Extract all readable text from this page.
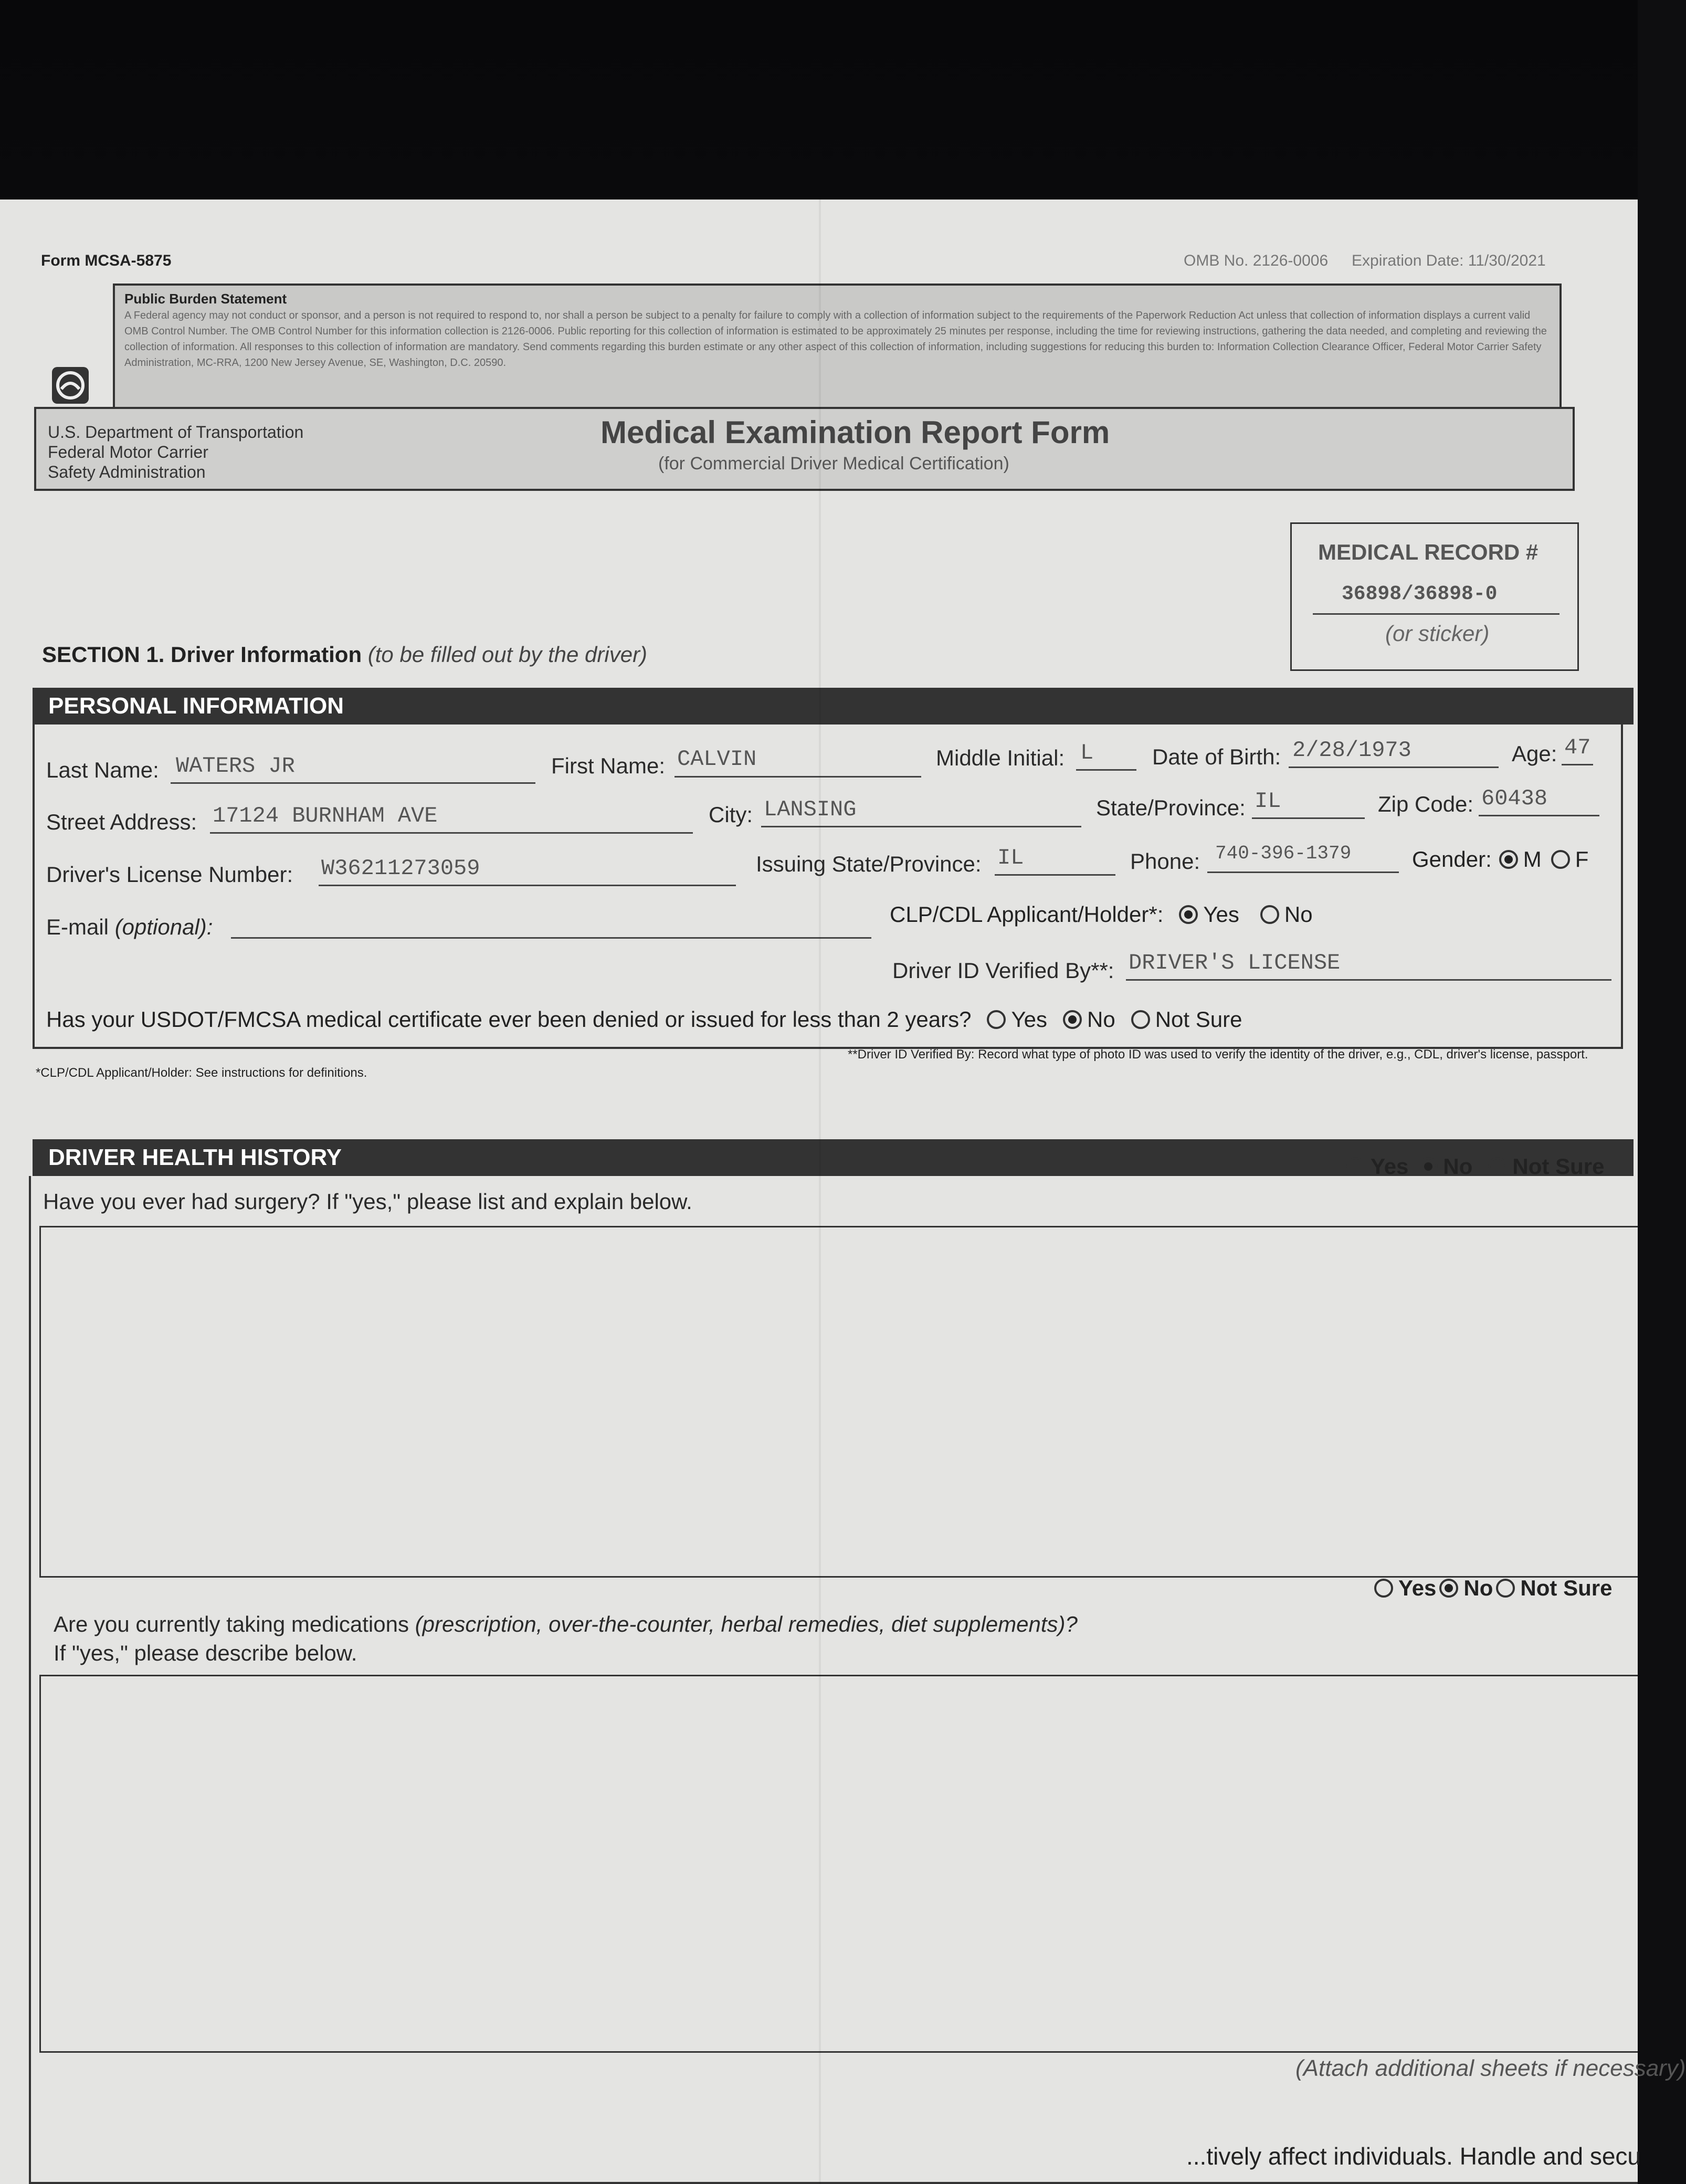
Form MCSA-5875	OMB No. 2126-0006 Expiration Date: 11/30/2021
Public Burden Statement
A Federal agency may not conduct or sponsor, and a person is not required to respond to, nor shall a person be subject to a penalty for failure to comply with a collection of information subject to the requirements of the Paperwork Reduction Act unless that collection of information displays a current valid OMB Control Number. The OMB Control Number for this information collection is 2126-0006. Public reporting for this collection of information is estimated to be approximately 25 minutes per response, including the time for reviewing instructions, gathering the data needed, and completing and reviewing the collection of information. All responses to this collection of information are mandatory. Send comments regarding this burden estimate or any other aspect of this collection of information, including suggestions for reducing this burden to: Information Collection Clearance Officer, Federal Motor Carrier Safety Administration, MC-RRA, 1200 New Jersey Avenue, SE, Washington, D.C. 20590.
U.S. Department of Transportation
Federal Motor Carrier
Safety Administration
Medical Examination Report Form
(for Commercial Driver Medical Certification)
MEDICAL RECORD #
36898/36898-0
(or sticker)
SECTION 1. Driver Information (to be filled out by the driver)
PERSONAL INFORMATION
Last Name: WATERS JR	First Name: CALVIN	Middle Initial: L	Date of Birth: 2/28/1973	Age: 47
Street Address: 17124 BURNHAM AVE	City: LANSING	State/Province: IL	Zip Code: 60438
Driver's License Number: W36211273059	Issuing State/Province: IL	Phone: 740-396-1379	Gender: M F
E-mail (optional):
CLP/CDL Applicant/Holder*: Yes No
Driver ID Verified By**: DRIVER'S LICENSE
Has your USDOT/FMCSA medical certificate ever been denied or issued for less than 2 years? Yes No Not Sure
*CLP/CDL Applicant/Holder: See instructions for definitions.
**Driver ID Verified By: Record what type of photo ID was used to verify the identity of the driver, e.g., CDL, driver's license, passport.
DRIVER HEALTH HISTORY	Yes No Not Sure
Have you ever had surgery? If "yes," please list and explain below.
Yes No Not Sure
Are you currently taking medications (prescription, over-the-counter, herbal remedies, diet supplements)?
If "yes," please describe below.
(Attach additional sheets if necessary)
...tively affect individuals. Handle and secu
